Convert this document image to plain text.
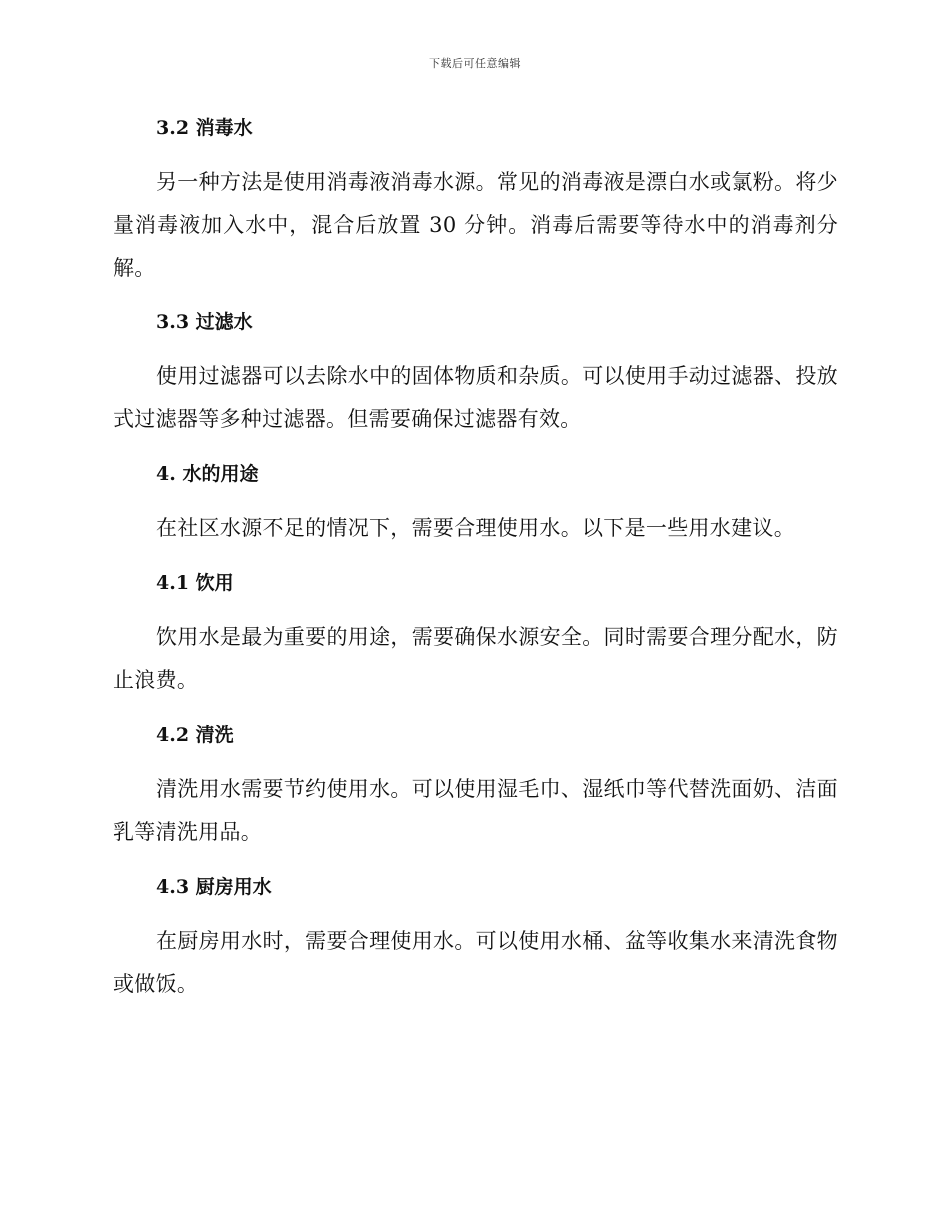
下载后可任意编辑
3.2 消毒水
另一种方法是使用消毒液消毒水源。常见的消毒液是漂白水或氯粉。将少量消毒液加入水中，混合后放置 30 分钟。消毒后需要等待水中的消毒剂分解。
3.3 过滤水
使用过滤器可以去除水中的固体物质和杂质。可以使用手动过滤器、投放式过滤器等多种过滤器。但需要确保过滤器有效。
4. 水的用途
在社区水源不足的情况下，需要合理使用水。以下是一些用水建议。
4.1 饮用
饮用水是最为重要的用途，需要确保水源安全。同时需要合理分配水，防止浪费。
4.2 清洗
清洗用水需要节约使用水。可以使用湿毛巾、湿纸巾等代替洗面奶、洁面乳等清洗用品。
4.3 厨房用水
在厨房用水时，需要合理使用水。可以使用水桶、盆等收集水来清洗食物或做饭。
